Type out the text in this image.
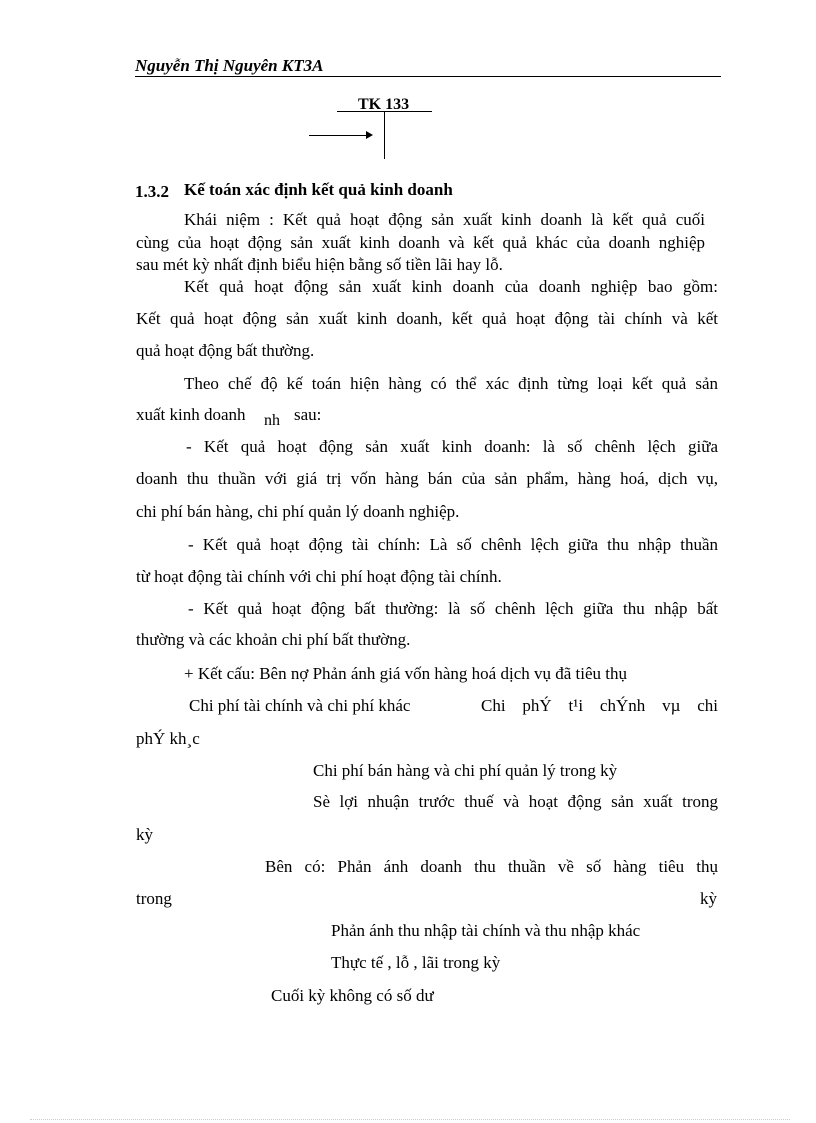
Nguyễn Thị Nguyên KT3A
TK 133
1.3.2 Kế toán xác định kết quả kinh doanh
Khái niệm : Kết quả hoạt động sản xuất kinh doanh là kết quả cuối
cùng của hoạt động sản xuất kinh doanh và kết quả khác của doanh nghiệp
sau mét kỳ nhất định biểu hiện bằng số tiền lãi hay lỗ.
Kết quả hoạt động sản xuất kinh doanh của doanh nghiệp bao gồm:
Kết quả hoạt động sản xuất kinh doanh, kết quả hoạt động tài chính và kết
quả hoạt động bất thường.
Theo chế độ kế toán hiện hàng có thể xác định từng loại kết quả sản
xuất kinh doanh nh sau:
- Kết quả hoạt động sản xuất kinh doanh: là số chênh lệch giữa
doanh thu thuần với giá trị vốn hàng bán của sản phẩm, hàng hoá, dịch vụ,
chi phí bán hàng, chi phí quản lý doanh nghiệp.
- Kết quả hoạt động tài chính: Là số chênh lệch giữa thu nhập thuần
từ hoạt động tài chính với chi phí hoạt động tài chính.
- Kết quả hoạt động bất thường: là số chênh lệch giữa thu nhập bất
thường và các khoản chi phí bất thường.
+ Kết cấu: Bên nợ Phản ánh giá vốn hàng hoá dịch vụ đã tiêu thụ
Chi phí tài chính và chi phí khác	Chi phÝ t¹i chÝnh vµ chi
phÝ kh¸c
Chi phí bán hàng và chi phí quản lý trong kỳ
Sè lợi nhuận trước thuế và hoạt động sản xuất trong
kỳ
Bên có: Phản ánh doanh thu thuần về số hàng tiêu thụ
trong	kỳ
Phản ánh thu nhập tài chính và thu nhập khác
Thực tế , lỗ , lãi trong kỳ
Cuối kỳ không có số dư
